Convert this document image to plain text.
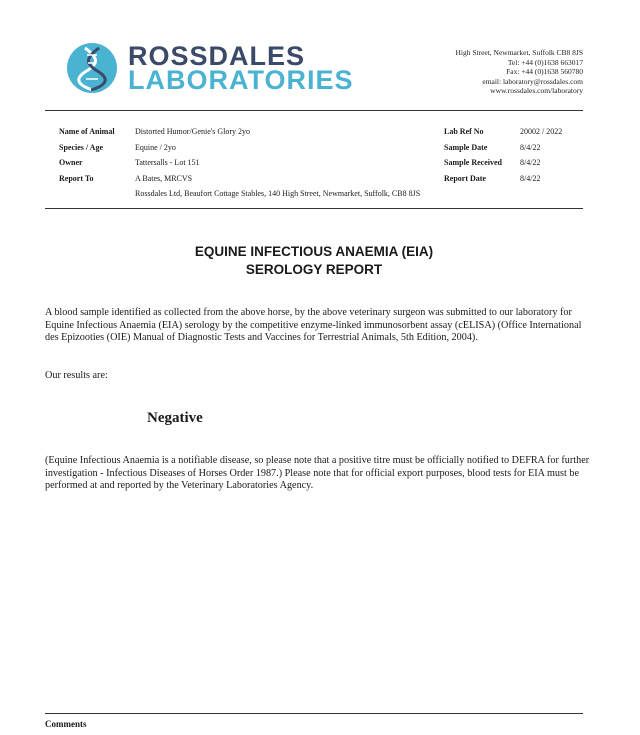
ROSSDALES
LABORATORIES
High Street, Newmarket, Suffolk CB8 8JS
Tel: +44 (0)1638 663017
Fax: +44 (0)1638 560780
email: laboratory@rossdales.com
www.rossdales.com/laboratory
Name of Animal	Distorted Humor/Genie's Glory 2yo
Species / Age	Equine / 2yo
Owner	Tattersalls - Lot 151
Report To	A Bates, MRCVS
Rossdales Ltd, Beaufort Cottage Stables, 140 High Street, Newmarket, Suffolk, CB8 8JS
Lab Ref No	20002 / 2022
Sample Date	8/4/22
Sample Received 8/4/22
Report Date	8/4/22
EQUINE INFECTIOUS ANAEMIA (EIA)
SEROLOGY REPORT
A blood sample identified as collected from the above horse, by the above veterinary surgeon was submitted to our laboratory for Equine Infectious Anaemia (EIA) serology by the competitive enzyme-linked immunosorbent assay (cELISA) (Office International des Epizooties (OIE) Manual of Diagnostic Tests and Vaccines for Terrestrial Animals, 5th Edition, 2004).
Our results are:
Negative
(Equine Infectious Anaemia is a notifiable disease, so please note that a positive titre must be officially notified to DEFRA for further investigation - Infectious Diseases of Horses Order 1987.) Please note that for official export purposes, blood tests for EIA must be performed at and reported by the Veterinary Laboratories Agency.
Comments
